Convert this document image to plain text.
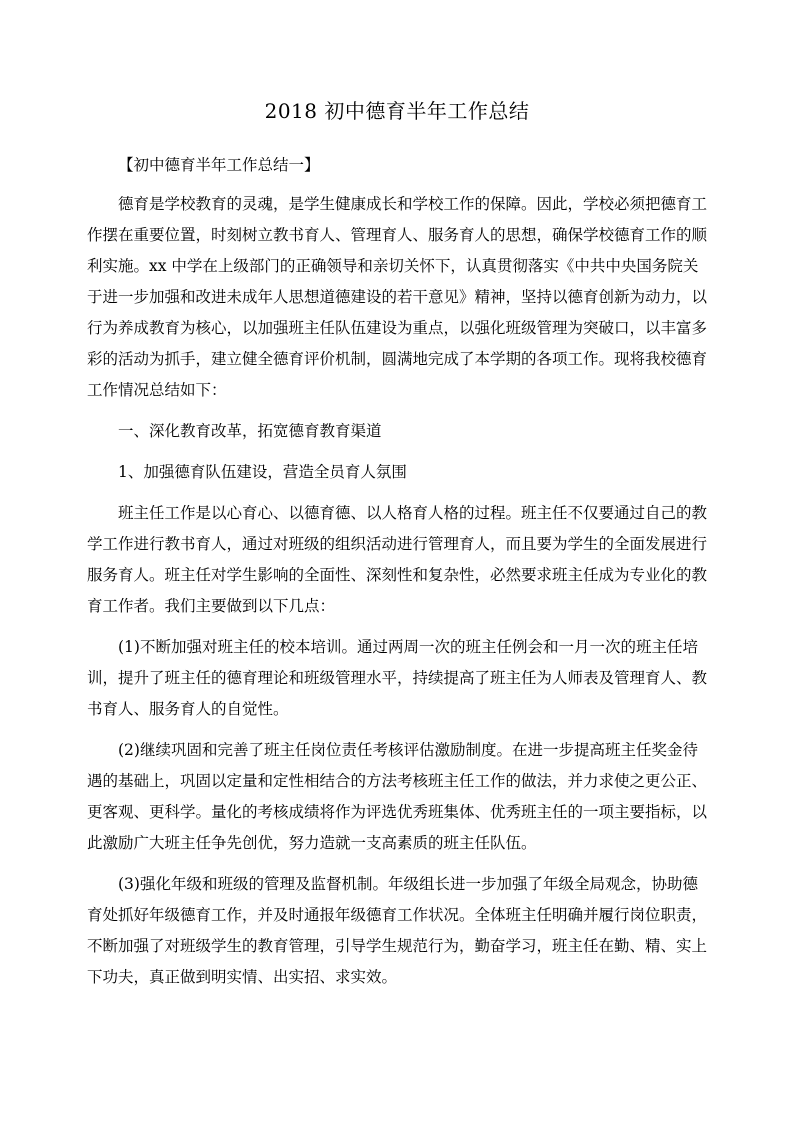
2018 初中德育半年工作总结

【初中德育半年工作总结一】

德育是学校教育的灵魂，是学生健康成长和学校工作的保障。因此，学校必须把德育工作摆在重要位置，时刻树立教书育人、管理育人、服务育人的思想，确保学校德育工作的顺利实施。xx 中学在上级部门的正确领导和亲切关怀下，认真贯彻落实《中共中央国务院关于进一步加强和改进未成年人思想道德建设的若干意见》精神，坚持以德育创新为动力，以行为养成教育为核心，以加强班主任队伍建设为重点，以强化班级管理为突破口，以丰富多彩的活动为抓手，建立健全德育评价机制，圆满地完成了本学期的各项工作。现将我校德育工作情况总结如下：

一、深化教育改革，拓宽德育教育渠道

1、加强德育队伍建设，营造全员育人氛围

班主任工作是以心育心、以德育德、以人格育人格的过程。班主任不仅要通过自己的教学工作进行教书育人，通过对班级的组织活动进行管理育人，而且要为学生的全面发展进行服务育人。班主任对学生影响的全面性、深刻性和复杂性，必然要求班主任成为专业化的教育工作者。我们主要做到以下几点：

(1)不断加强对班主任的校本培训。通过两周一次的班主任例会和一月一次的班主任培训，提升了班主任的德育理论和班级管理水平，持续提高了班主任为人师表及管理育人、教书育人、服务育人的自觉性。

(2)继续巩固和完善了班主任岗位责任考核评估激励制度。在进一步提高班主任奖金待遇的基础上，巩固以定量和定性相结合的方法考核班主任工作的做法，并力求使之更公正、更客观、更科学。量化的考核成绩将作为评选优秀班集体、优秀班主任的一项主要指标，以此激励广大班主任争先创优，努力造就一支高素质的班主任队伍。

(3)强化年级和班级的管理及监督机制。年级组长进一步加强了年级全局观念，协助德育处抓好年级德育工作，并及时通报年级德育工作状况。全体班主任明确并履行岗位职责，不断加强了对班级学生的教育管理，引导学生规范行为，勤奋学习，班主任在勤、精、实上下功夫，真正做到明实情、出实招、求实效。
